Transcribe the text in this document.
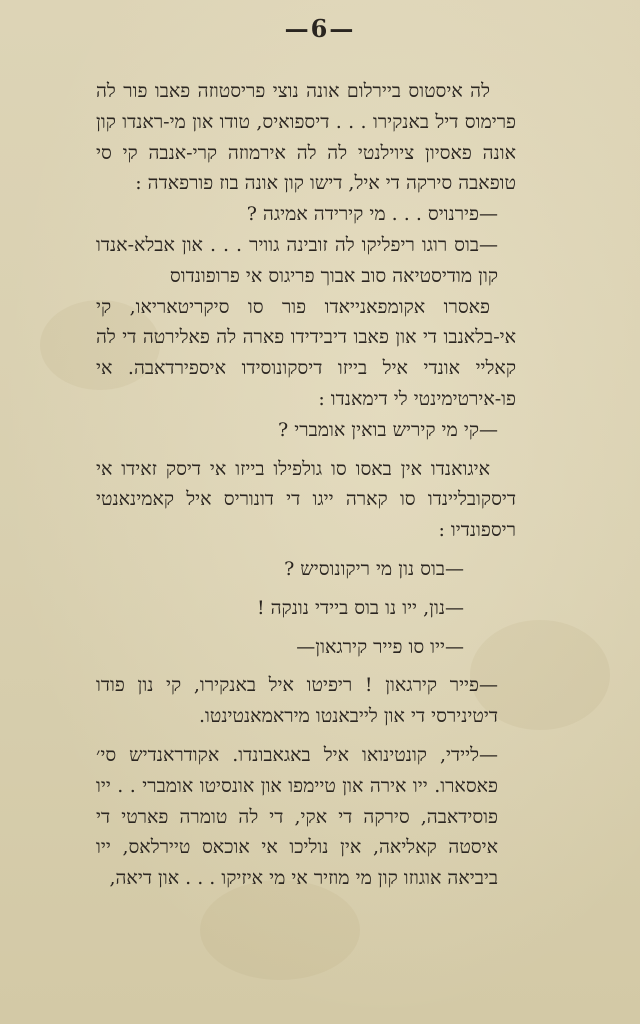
—6—

לה איסטוס ביירלום אונה נוצי פריסטוזה פאבו פור לה פרימוס דיל באנקירו . . . דיספואיס, טודו און מי-ראנדו קון אונה פאסיון ציוילנטי לה לה אירמוזה קרי-אנבה קי סי טופאבה סירקה די איל, דישו קון אונה בוז פורפאדה :

—פירנויס . . . מי קירידה אמיגה ?

—בוס רוגו ריפליקו לה זובינה גוויר . . . און אבלא-אנדו קון מודיסטיאה סוב אבוך פריגוס אי פרופונדוס

פאסרו אקומפאנייאדו פור סו סיקריטאריאו, קי אי-בלאנבו די און פאבו דיבידידו פארה לה פאלירטה די לה קאליי אונדי איל בייזו דיסקונוסידו איספירדאבה. אי פו-אירטימינטי לי דימאנדו :

—קי מי קיריש בואין אומברי ?

איגואנדו אין באסו סו גולפילו בייזו אי דיסק זאידו אי דיסקובליינדו סו קארה ייגו די דונוריס איל קאמינאנטי ריספונדיו :

—בוס נון מי ריקונוסיש ?

—נון, ייו נו בוס ביידי נונקה !

—ייו סו פייר קירגאון—

—פייר קירגאון ! ריפיטו איל באנקירו, קי נון פודו דיטינירסי די און לייבאנטו מיראמאנטינטו.

—ליידי, קונטינואו איל באגאבונדו. אקודראנדיש סי׳ פאסארו. ייו אירה און טיימפו און אונסיטו אומברי . . ייו פוסידאבה, סירקה די אקי, די לה טומרה פארטי די איסטה קאליאה, אין נוליכו אי אוכאס טיירלאס, ייו ביביאה אוגוזו קון מי מוזיר אי מי איזיקו . . . און דיאה,
